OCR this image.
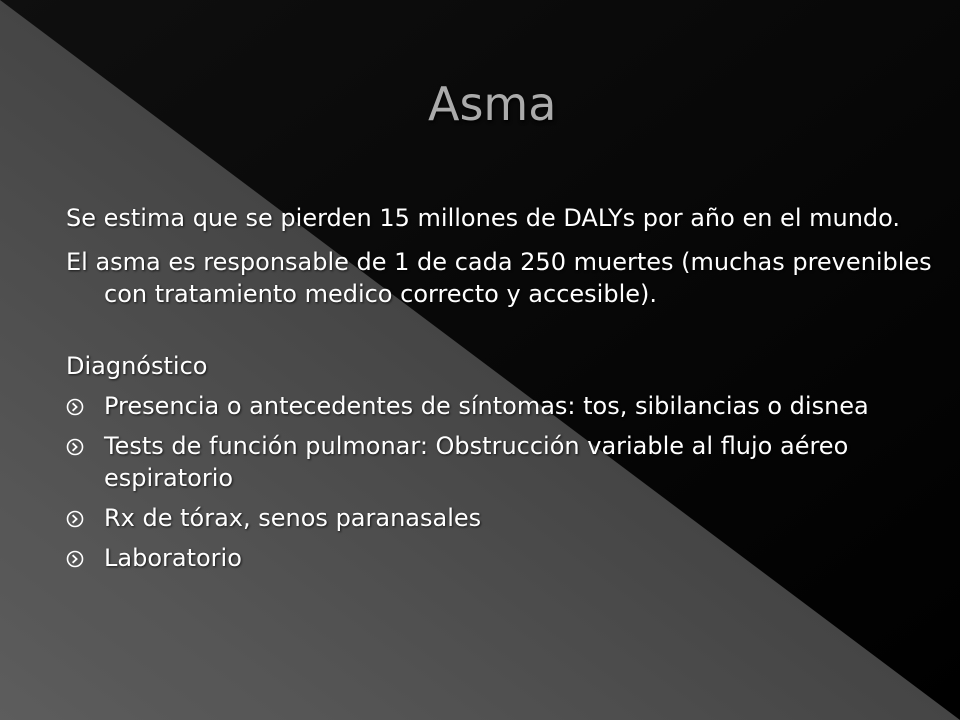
Asma

Se estima que se pierden 15 millones de DALYs por año en el mundo.

El asma es responsable de 1 de cada 250 muertes (muchas prevenibles con tratamiento medico correcto y accesible).

Diagnóstico

Presencia o antecedentes de síntomas: tos, sibilancias o disnea
Tests de función pulmonar: Obstrucción variable al flujo aéreo espiratorio
Rx de tórax, senos paranasales
Laboratorio
